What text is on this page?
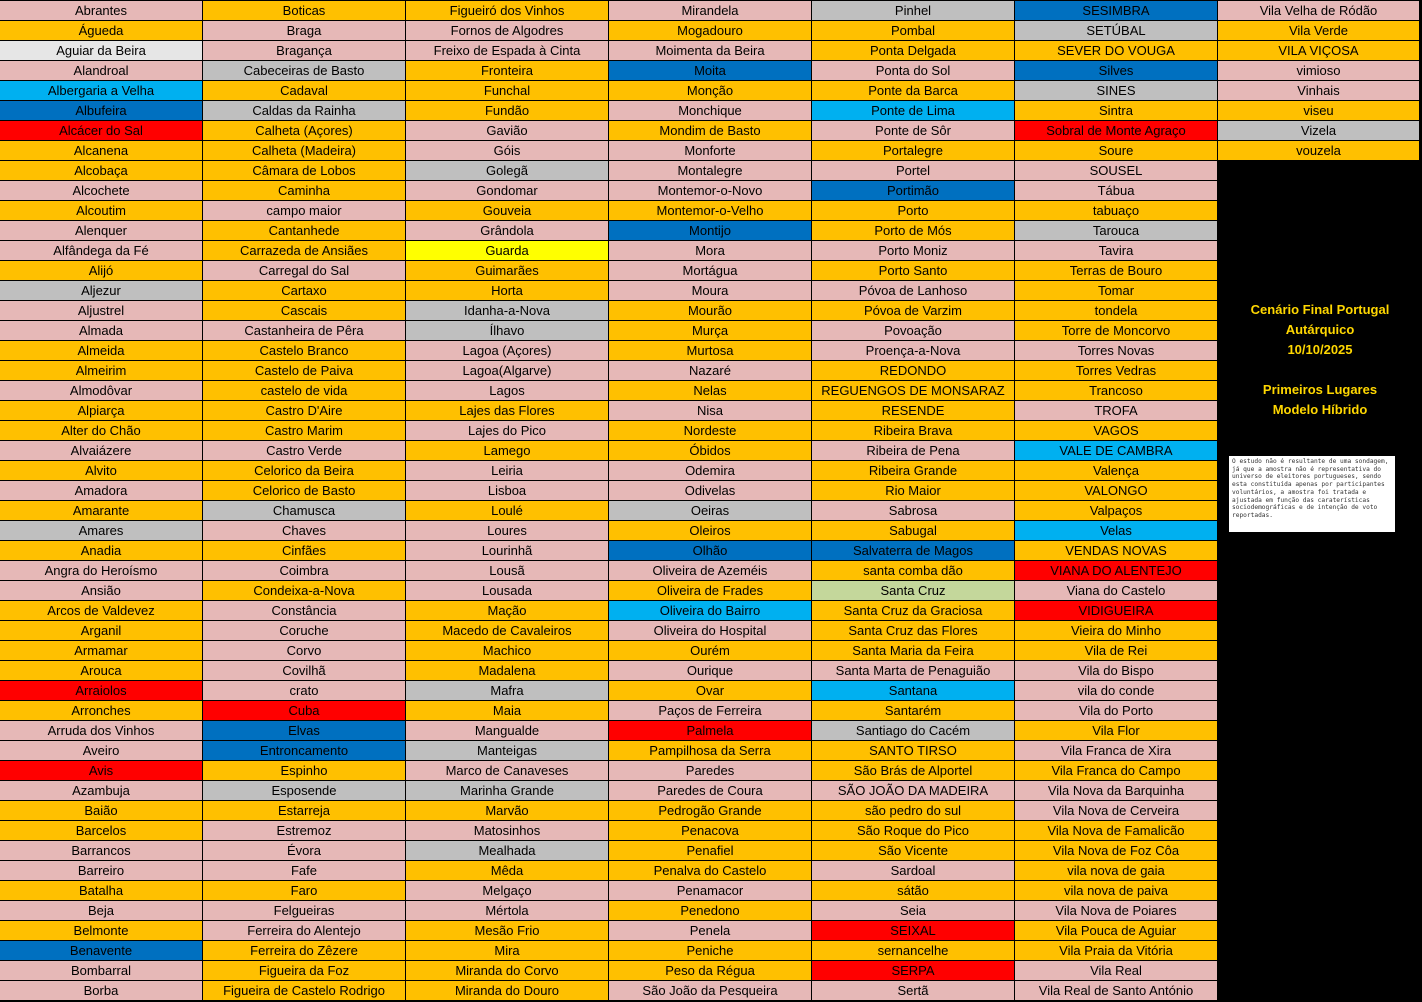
Abrantes
Águeda
Aguiar da Beira
Alandroal
Albergaria a Velha
Albufeira
Alcácer do Sal
Alcanena
Alcobaça
Alcochete
Alcoutim
Alenquer
Alfândega da Fé
Alijó
Aljezur
Aljustrel
Almada
Almeida
Almeirim
Almodôvar
Alpiarça
Alter do Chão
Alvaiázere
Alvito
Amadora
Amarante
Amares
Anadia
Angra do Heroísmo
Ansião
Arcos de Valdevez
Arganil
Armamar
Arouca
Arraiolos
Arronches
Arruda dos Vinhos
Aveiro
Avis
Azambuja
Baião
Barcelos
Barrancos
Barreiro
Batalha
Beja
Belmonte
Benavente
Bombarral
Borba
Boticas
Braga
Bragança
Cabeceiras de Basto
Cadaval
Caldas da Rainha
Calheta (Açores)
Calheta (Madeira)
Câmara de Lobos
Caminha
campo maior
Cantanhede
Carrazeda de Ansiães
Carregal do Sal
Cartaxo
Cascais
Castanheira de Pêra
Castelo Branco
Castelo de Paiva
castelo de vida
Castro D'Aire
Castro Marim
Castro Verde
Celorico da Beira
Celorico de Basto
Chamusca
Chaves
Cinfães
Coimbra
Condeixa-a-Nova
Constância
Coruche
Corvo
Covilhã
crato
Cuba
Elvas
Entroncamento
Espinho
Esposende
Estarreja
Estremoz
Évora
Fafe
Faro
Felgueiras
Ferreira do Alentejo
Ferreira do Zêzere
Figueira da Foz
Figueira de Castelo Rodrigo
Figueiró dos Vinhos
Fornos de Algodres
Freixo de Espada à Cinta
Fronteira
Funchal
Fundão
Gavião
Góis
Golegã
Gondomar
Gouveia
Grândola
Guarda
Guimarães
Horta
Idanha-a-Nova
Ílhavo
Lagoa (Açores)
Lagoa(Algarve)
Lagos
Lajes das Flores
Lajes do Pico
Lamego
Leiria
Lisboa
Loulé
Loures
Lourinhã
Lousã
Lousada
Mação
Macedo de Cavaleiros
Machico
Madalena
Mafra
Maia
Mangualde
Manteigas
Marco de Canaveses
Marinha Grande
Marvão
Matosinhos
Mealhada
Mêda
Melgaço
Mértola
Mesão Frio
Mira
Miranda do Corvo
Miranda do Douro
Mirandela
Mogadouro
Moimenta da Beira
Moita
Monção
Monchique
Mondim de Basto
Monforte
Montalegre
Montemor-o-Novo
Montemor-o-Velho
Montijo
Mora
Mortágua
Moura
Mourão
Murça
Murtosa
Nazaré
Nelas
Nisa
Nordeste
Óbidos
Odemira
Odivelas
Oeiras
Oleiros
Olhão
Oliveira de Azeméis
Oliveira de Frades
Oliveira do Bairro
Oliveira do Hospital
Ourém
Ourique
Ovar
Paços de Ferreira
Palmela
Pampilhosa da Serra
Paredes
Paredes de Coura
Pedrogão Grande
Penacova
Penafiel
Penalva do Castelo
Penamacor
Penedono
Penela
Peniche
Peso da Régua
São João da Pesqueira
Pinhel
Pombal
Ponta Delgada
Ponta do Sol
Ponte da Barca
Ponte de Lima
Ponte de Sôr
Portalegre
Portel
Portimão
Porto
Porto de Mós
Porto Moniz
Porto Santo
Póvoa de Lanhoso
Póvoa de Varzim
Povoação
Proença-a-Nova
REDONDO
REGUENGOS DE MONSARAZ
RESENDE
Ribeira Brava
Ribeira de Pena
Ribeira Grande
Rio Maior
Sabrosa
Sabugal
Salvaterra de Magos
santa comba dão
Santa Cruz
Santa Cruz da Graciosa
Santa Cruz das Flores
Santa Maria da Feira
Santa Marta de Penaguião
Santana
Santarém
Santiago do Cacém
SANTO TIRSO
São Brás de Alportel
SÃO JOÃO DA MADEIRA
são pedro do sul
São Roque do Pico
São Vicente
Sardoal
sátão
Seia
SEIXAL
sernancelhe
SERPA
Sertã
SESIMBRA
SETÚBAL
SEVER DO VOUGA
Silves
SINES
Sintra
Sobral de Monte Agraço
Soure
SOUSEL
Tábua
tabuaço
Tarouca
Tavira
Terras de Bouro
Tomar
tondela
Torre de Moncorvo
Torres Novas
Torres Vedras
Trancoso
TROFA
VAGOS
VALE DE CAMBRA
Valença
VALONGO
Valpaços
Velas
VENDAS NOVAS
VIANA DO ALENTEJO
Viana do Castelo
VIDIGUEIRA
Vieira do Minho
Vila de Rei
Vila do Bispo
vila do conde
Vila do Porto
Vila Flor
Vila Franca de Xira
Vila Franca do Campo
Vila Nova da Barquinha
Vila Nova de Cerveira
Vila Nova de Famalicão
Vila Nova de Foz Côa
vila nova de gaia
vila nova de paiva
Vila Nova de Poiares
Vila Pouca de Aguiar
Vila Praia da Vitória
Vila Real
Vila Real de Santo António
Vila Velha de Ródão
Vila Verde
VILA VIÇOSA
vimioso
Vinhais
viseu
Vizela
vouzela
Cenário Final Portugal
Autárquico
10/10/2025
Primeiros Lugares
Modelo Híbrido
O estudo não é resultante de uma sondagem, já que a amostra não é representativa do universo de eleitores portugueses, sendo esta constituída apenas por participantes voluntários, a amostra foi tratada e ajustada em função das caraterísticas sociodemográficas e de intenção de voto reportadas.
